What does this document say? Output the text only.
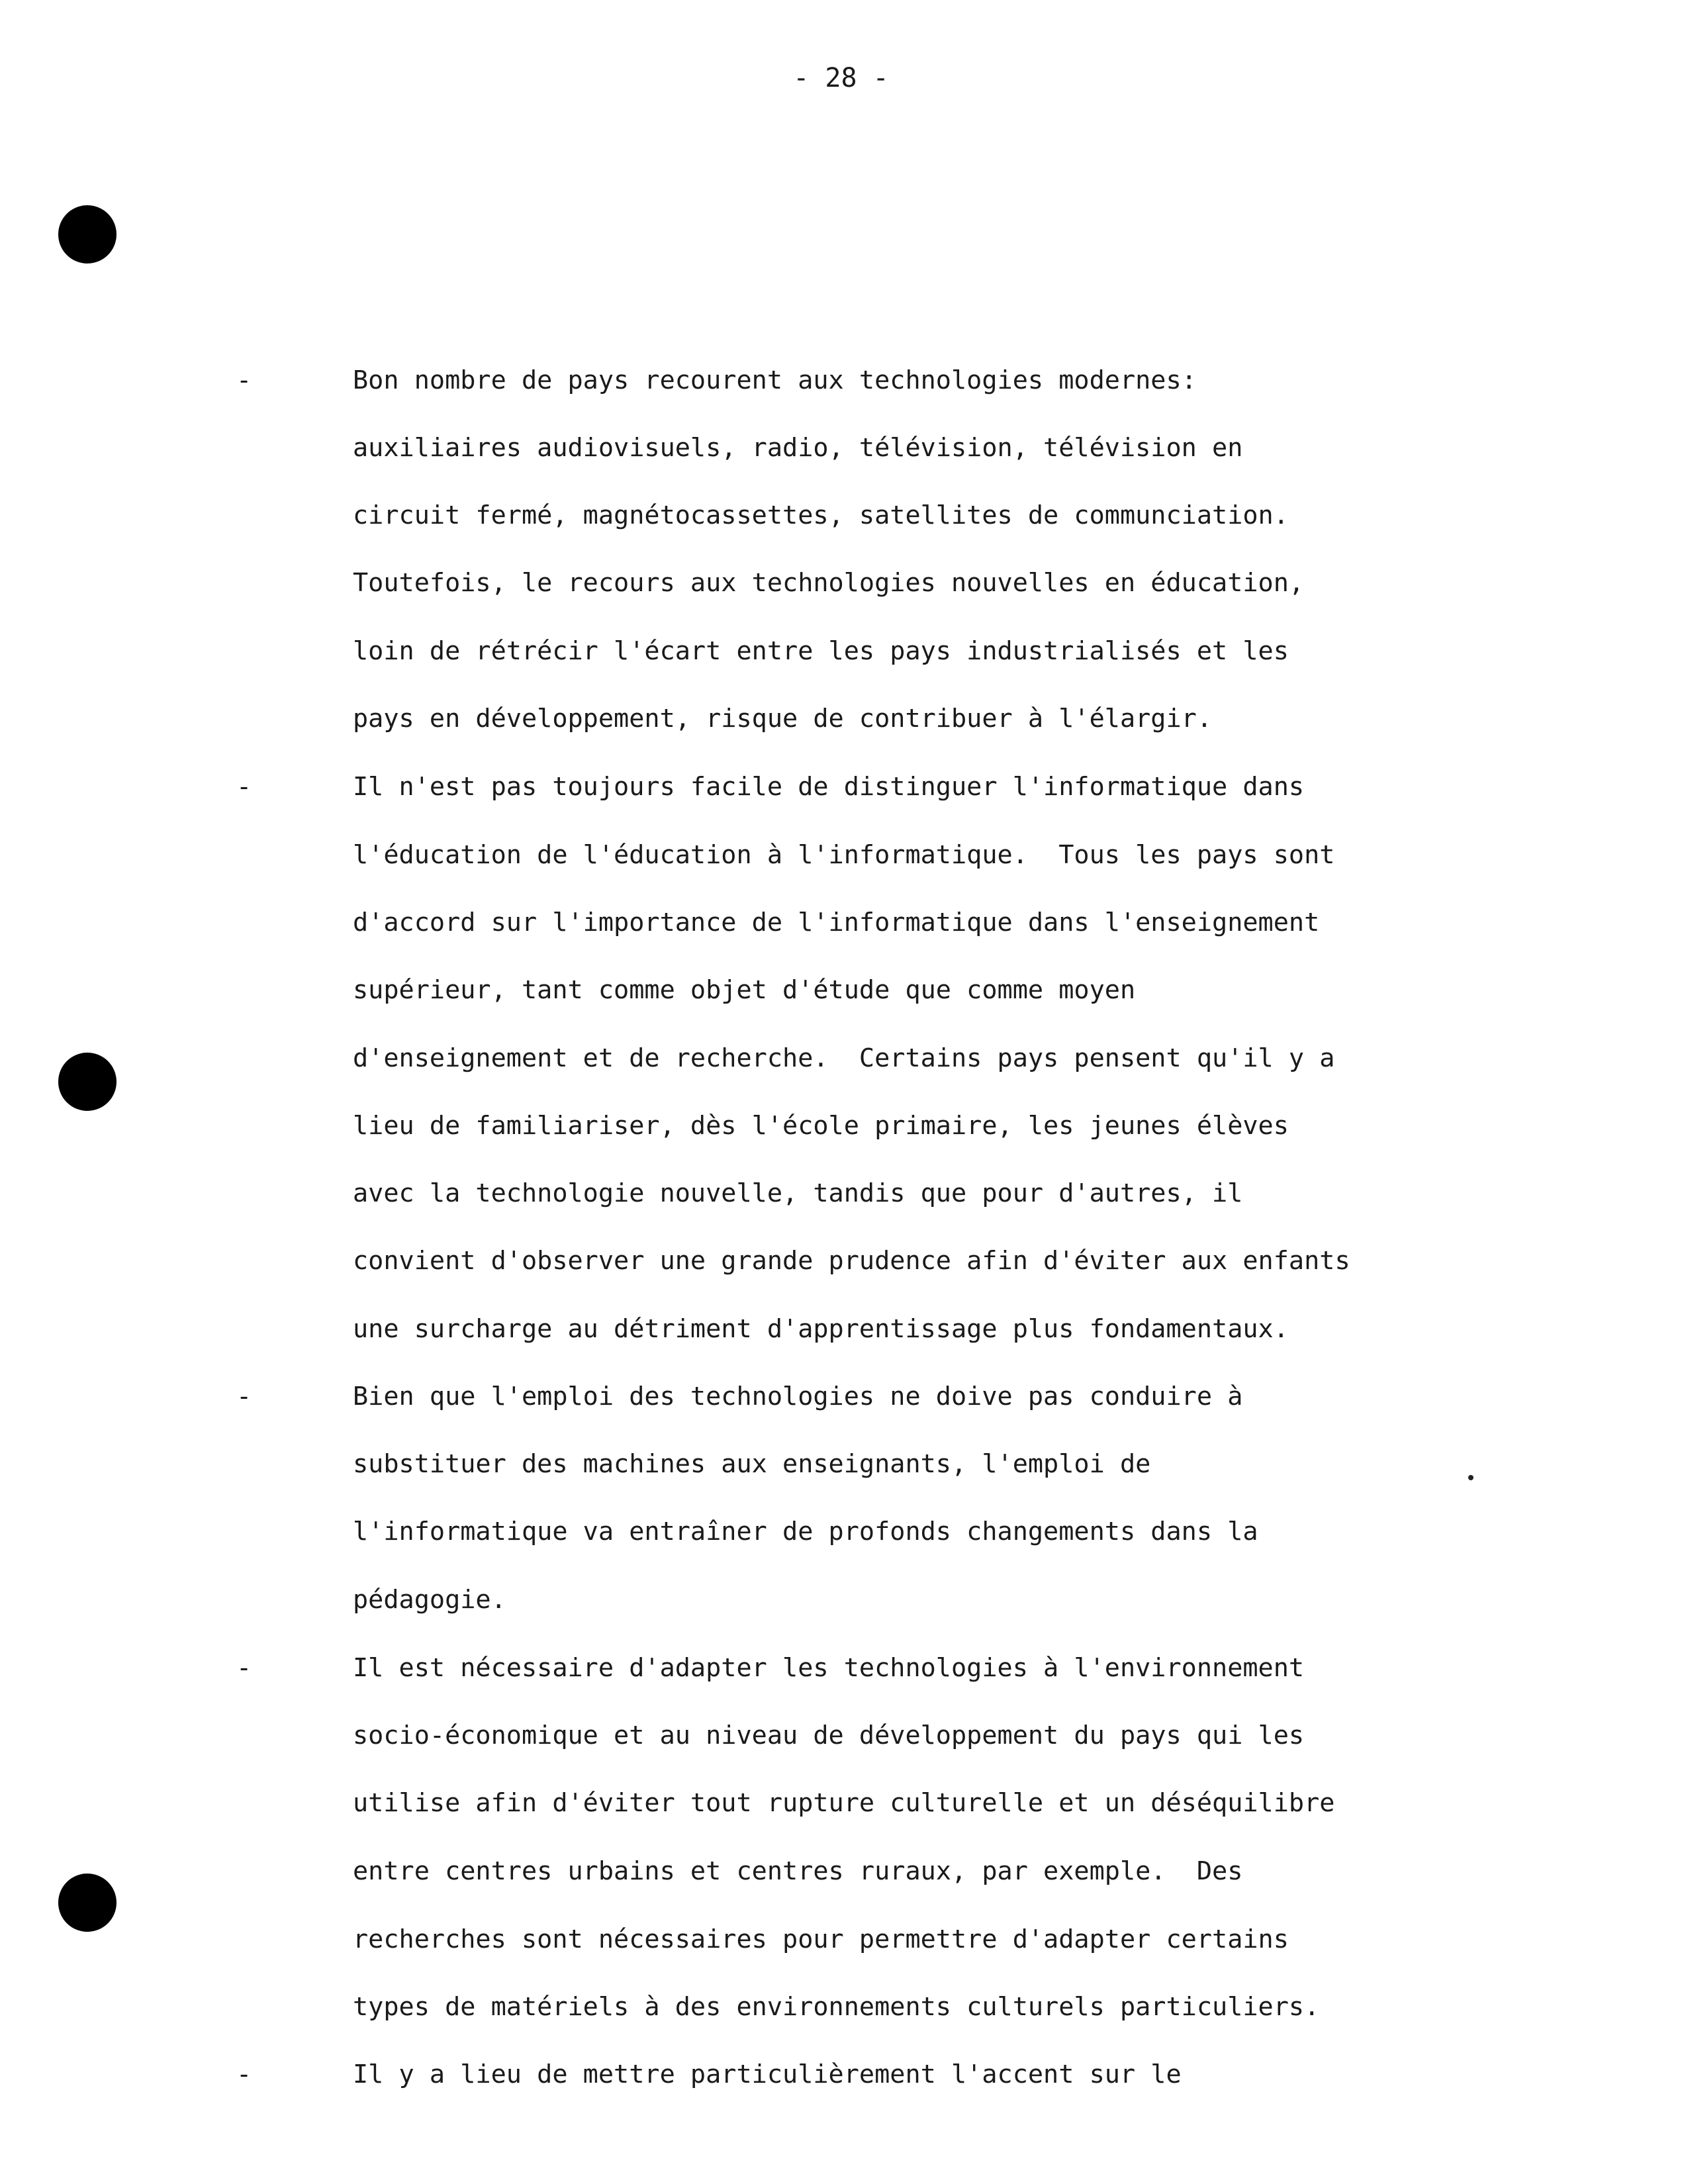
- 28 -
-	Bon nombre de pays recourent aux technologies modernes:
auxiliaires audiovisuels, radio, télévision, télévision en
circuit fermé, magnétocassettes, satellites de communciation.
Toutefois, le recours aux technologies nouvelles en éducation,
loin de rétrécir l'écart entre les pays industrialisés et les
pays en développement, risque de contribuer à l'élargir.
-	Il n'est pas toujours facile de distinguer l'informatique dans
l'éducation de l'éducation à l'informatique.  Tous les pays sont
d'accord sur l'importance de l'informatique dans l'enseignement
supérieur, tant comme objet d'étude que comme moyen
d'enseignement et de recherche.  Certains pays pensent qu'il y a
lieu de familiariser, dès l'école primaire, les jeunes élèves
avec la technologie nouvelle, tandis que pour d'autres, il
convient d'observer une grande prudence afin d'éviter aux enfants
une surcharge au détriment d'apprentissage plus fondamentaux.
-	Bien que l'emploi des technologies ne doive pas conduire à
substituer des machines aux enseignants, l'emploi de
l'informatique va entraîner de profonds changements dans la
pédagogie.
-	Il est nécessaire d'adapter les technologies à l'environnement
socio-économique et au niveau de développement du pays qui les
utilise afin d'éviter tout rupture culturelle et un déséquilibre
entre centres urbains et centres ruraux, par exemple.  Des
recherches sont nécessaires pour permettre d'adapter certains
types de matériels à des environnements culturels particuliers.
-	Il y a lieu de mettre particulièrement l'accent sur le
